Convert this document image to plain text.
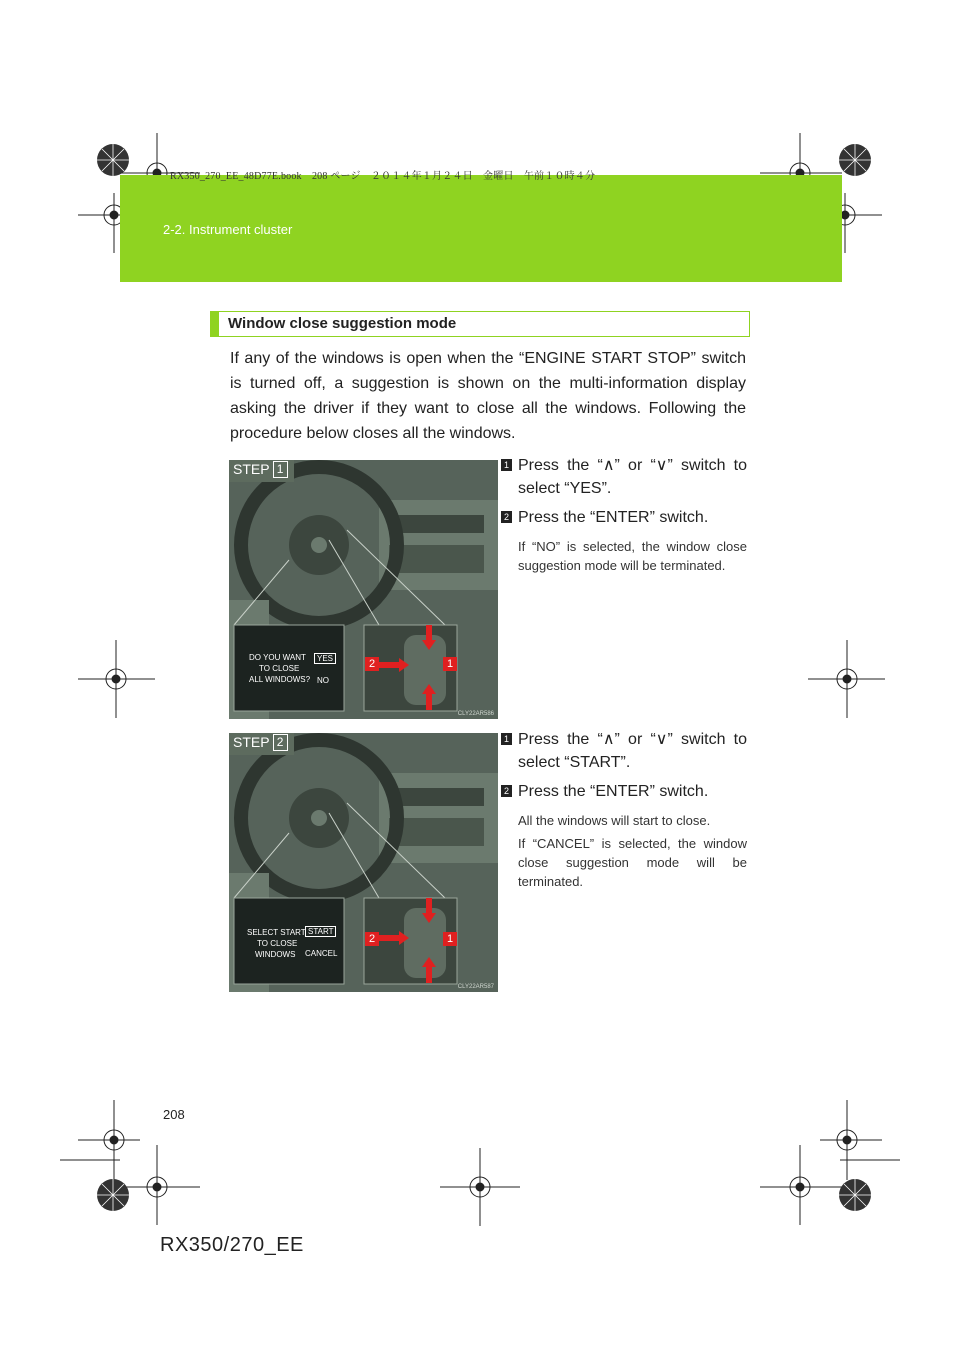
RX350_270_EE_48D77E.book　208 ページ　２０１４年１月２４日　金曜日　午前１０時４分
2-2. Instrument cluster
Window close suggestion mode
If any of the windows is open when the “ENGINE START STOP” switch is turned off, a suggestion is shown on the multi-information display asking the driver if they want to close all the windows. Following the procedure below closes all the windows.
DO YOU WANT
TO CLOSE
ALL WINDOWS?
YES
NO
2	1
CLY22AR586
STEP 1	1 Press the “∧” or “∨” switch to select “YES”.
2 Press the “ENTER” switch.
If “NO” is selected, the window close suggestion mode will be terminated.
SELECT START
TO CLOSE
WINDOWS
START
CANCEL
2	1
CLY22AR587
STEP 2	1 Press the “∧” or “∨” switch to select “START”.
2 Press the “ENTER” switch.
All the windows will start to close.
If “CANCEL” is selected, the window close suggestion mode will be terminated.
208
RX350/270_EE
